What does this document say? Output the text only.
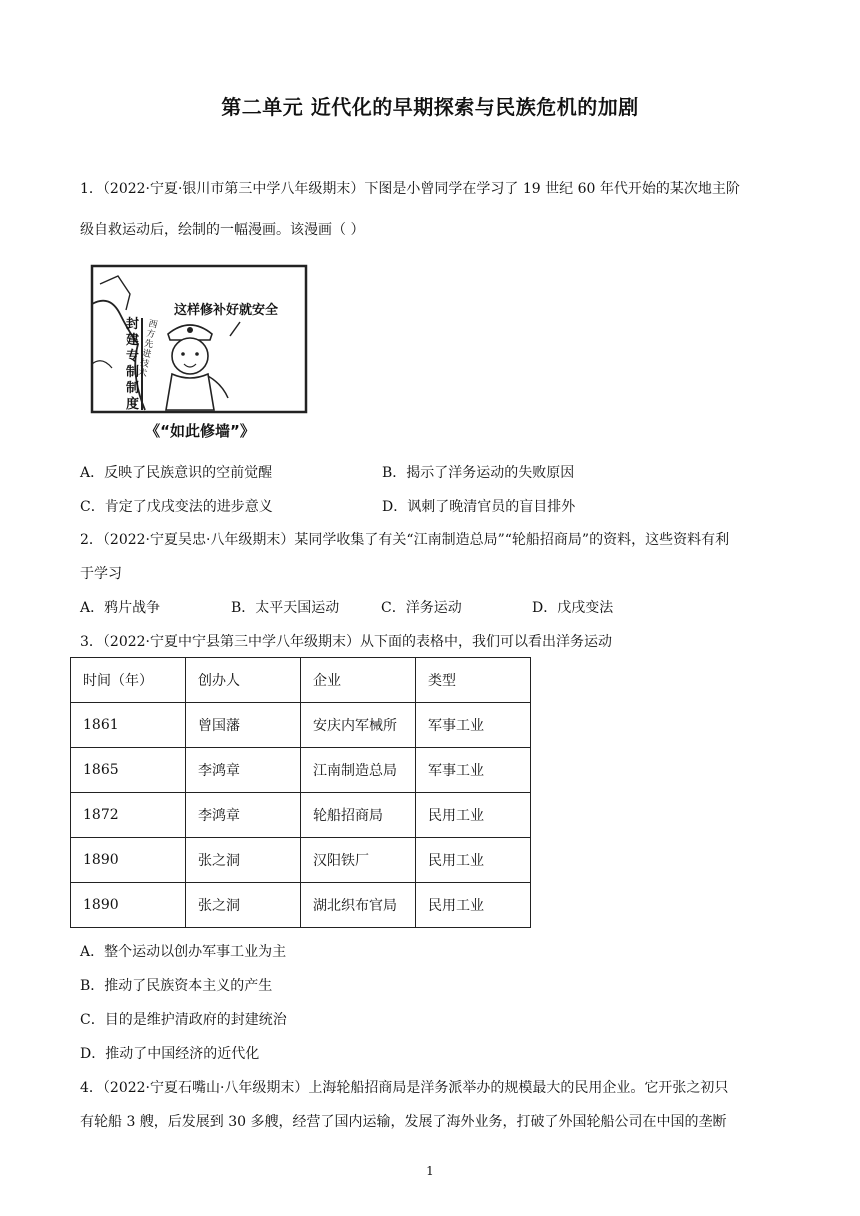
第二单元 近代化的早期探索与民族危机的加剧
1．（2022·宁夏·银川市第三中学八年级期末）下图是小曾同学在学习了 19 世纪 60 年代开始的某次地主阶
级自救运动后，绘制的一幅漫画。该漫画（ ）
封
建
专
制
制
度
这样修补好就安全
西
方
先
进
技
术
《“如此修墙”》
A．反映了民族意识的空前觉醒	B．揭示了洋务运动的失败原因
C．肯定了戊戌变法的进步意义	D．讽刺了晚清官员的盲目排外
2．（2022·宁夏吴忠·八年级期末）某同学收集了有关“江南制造总局”“轮船招商局”的资料，这些资料有利
于学习
A．鸦片战争	B．太平天国运动	C．洋务运动	D．戊戌变法
3．（2022·宁夏中宁县第三中学八年级期末）从下面的表格中，我们可以看出洋务运动
时间（年）	创办人	企业	类型
1861	曾国藩	安庆内军械所	军事工业
1865	李鸿章	江南制造总局	军事工业
1872	李鸿章	轮船招商局	民用工业
1890	张之洞	汉阳铁厂	民用工业
1890	张之洞	湖北织布官局	民用工业
A．整个运动以创办军事工业为主
B．推动了民族资本主义的产生
C．目的是维护清政府的封建统治
D．推动了中国经济的近代化
4．（2022·宁夏石嘴山·八年级期末）上海轮船招商局是洋务派举办的规模最大的民用企业。它开张之初只
有轮船 3 艘，后发展到 30 多艘，经营了国内运输，发展了海外业务，打破了外国轮船公司在中国的垄断
1
